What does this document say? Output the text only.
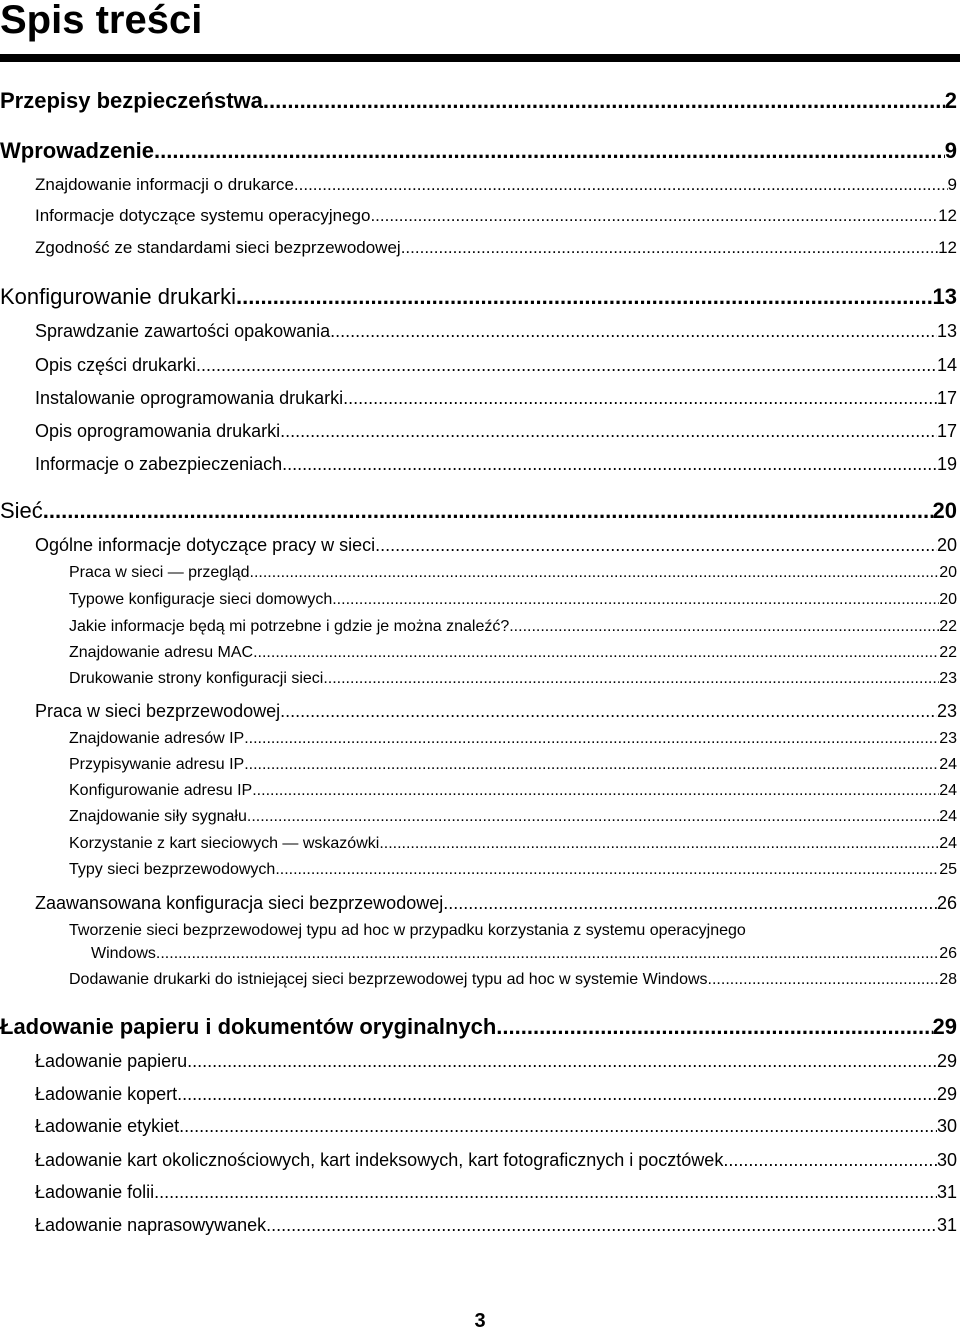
Spis treści
Przepisy bezpieczeństwa .....	2
Wprowadzenie .....	9
Znajdowanie informacji o drukarce .....	9
Informacje dotyczące systemu operacyjnego .....	12
Zgodność ze standardami sieci bezprzewodowej .....	12
Konfigurowanie drukarki .....	13
Sprawdzanie zawartości opakowania .....	13
Opis części drukarki .....	14
Instalowanie oprogramowania drukarki .....	17
Opis oprogramowania drukarki .....	17
Informacje o zabezpieczeniach .....	19
Sieć .....	20
Ogólne informacje dotyczące pracy w sieci .....	20
Praca w sieci — przegląd .....	20
Typowe konfiguracje sieci domowych .....	20
Jakie informacje będą mi potrzebne i gdzie je można znaleźć? .....	22
Znajdowanie adresu MAC .....	22
Drukowanie strony konfiguracji sieci .....	23
Praca w sieci bezprzewodowej .....	23
Znajdowanie adresów IP .....	23
Przypisywanie adresu IP .....	24
Konfigurowanie adresu IP .....	24
Znajdowanie siły sygnału .....	24
Korzystanie z kart sieciowych — wskazówki .....	24
Typy sieci bezprzewodowych .....	25
Zaawansowana konfiguracja sieci bezprzewodowej .....	26
Tworzenie sieci bezprzewodowej typu ad hoc w przypadku korzystania z systemu operacyjnego
Windows .....	26
Dodawanie drukarki do istniejącej sieci bezprzewodowej typu ad hoc w systemie Windows .....	28
Ładowanie papieru i dokumentów oryginalnych .....	29
Ładowanie papieru .....	29
Ładowanie kopert .....	29
Ładowanie etykiet .....	30
Ładowanie kart okolicznościowych, kart indeksowych, kart fotograficznych i pocztówek .....	30
Ładowanie folii .....	31
Ładowanie naprasowywanek .....	31
3
